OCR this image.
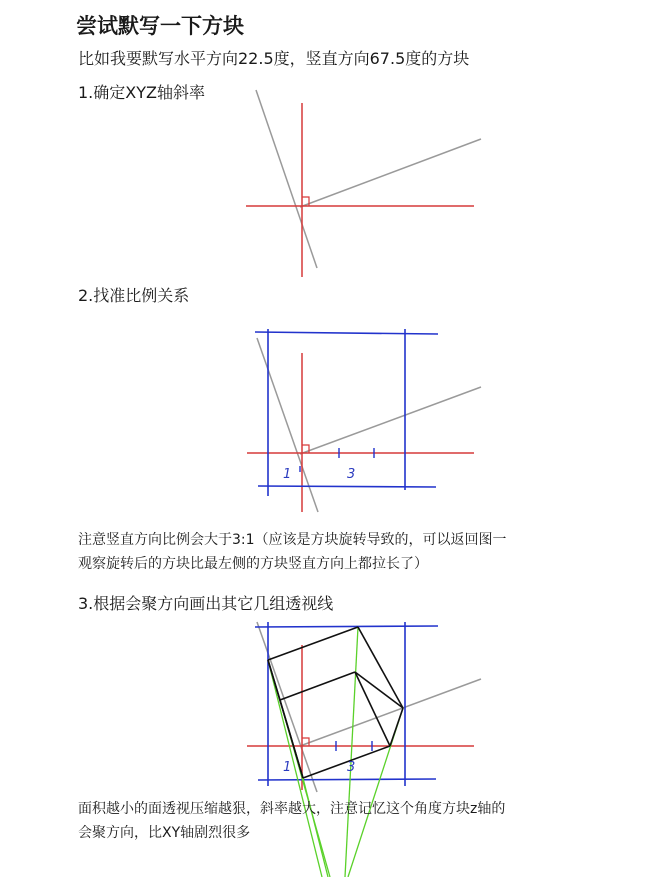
尝试默写一下方块
比如我要默写水平方向22.5度，竖直方向67.5度的方块
1.确定XYZ轴斜率
2.找准比例关系
注意竖直方向比例会大于3:1（应该是方块旋转导致的，可以返回图一
观察旋转后的方块比最左侧的方块竖直方向上都拉长了）
3.根据会聚方向画出其它几组透视线
1	3
1	3
面积越小的面透视压缩越狠，斜率越大，注意记忆这个角度方块z轴的
会聚方向，比XY轴剧烈很多
